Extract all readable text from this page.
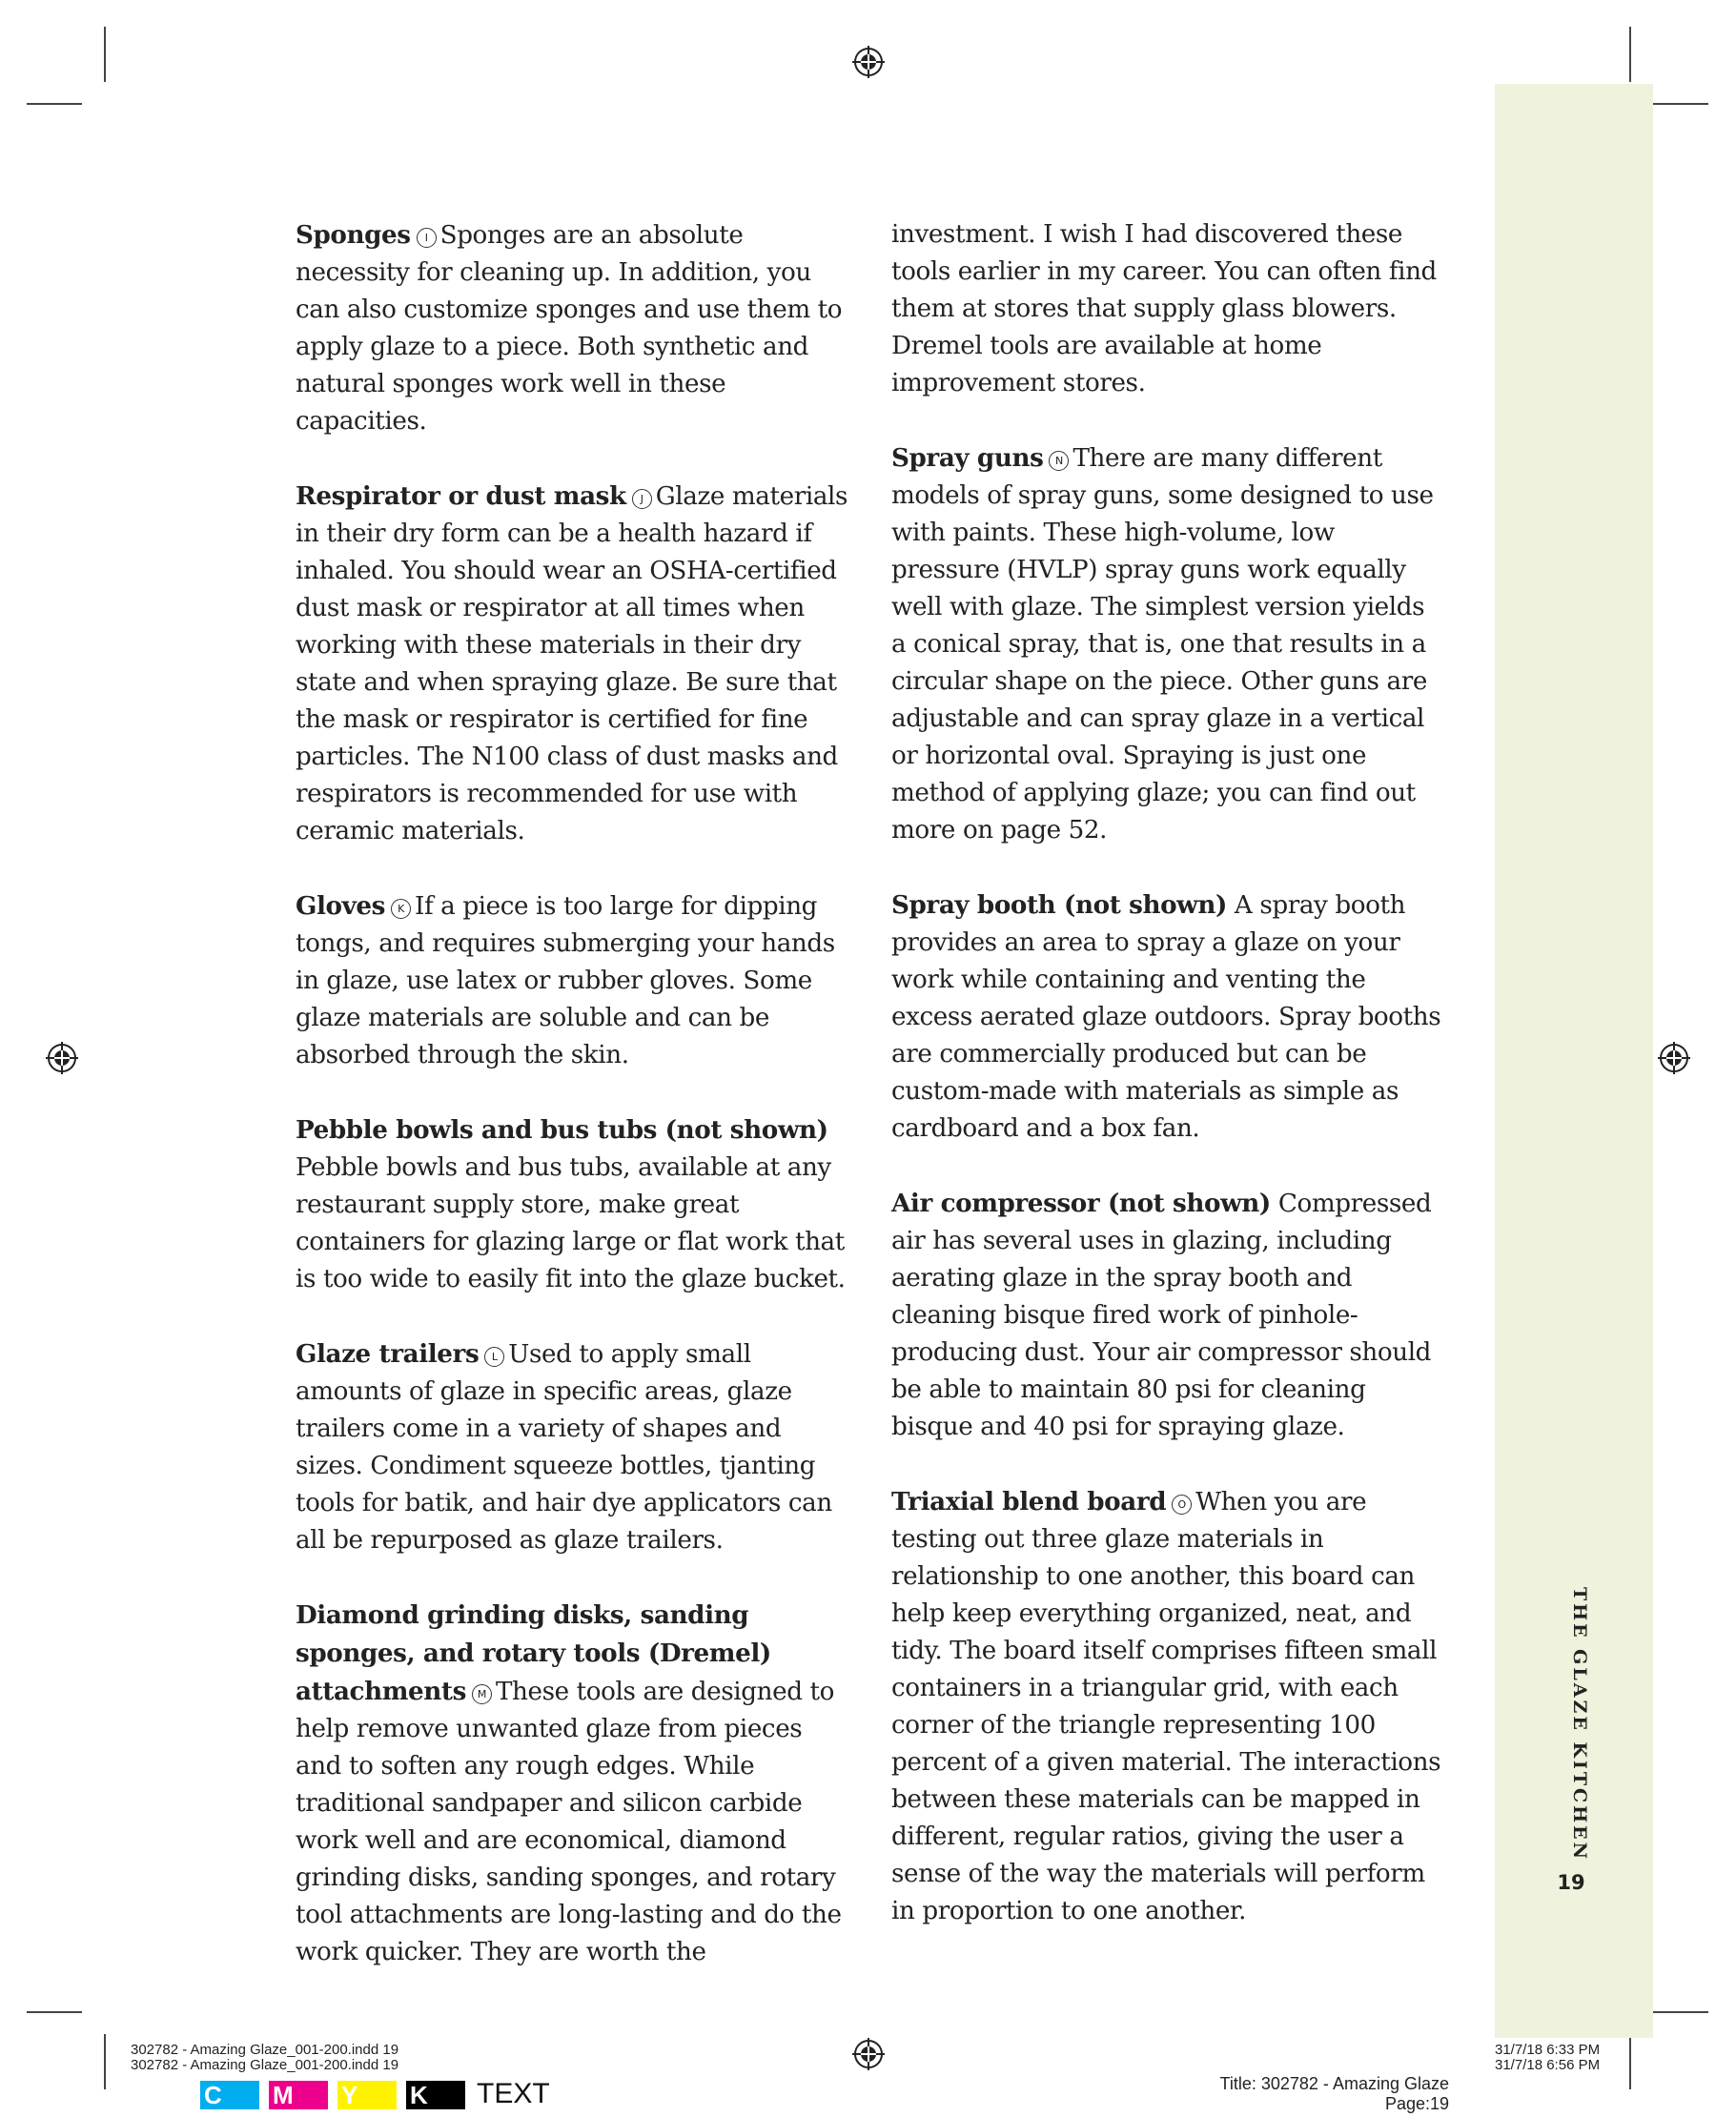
THE GLAZE KITCHEN
19

Sponges I Sponges are an absolute necessity for cleaning up. In addition, you can also customize sponges and use them to apply glaze to a piece. Both synthetic and natural sponges work well in these capacities.

Respirator or dust mask J Glaze materials in their dry form can be a health hazard if inhaled. You should wear an OSHA-certified dust mask or respirator at all times when working with these materials in their dry state and when spraying glaze. Be sure that the mask or respirator is certified for fine particles. The N100 class of dust masks and respirators is recommended for use with ceramic materials.

Gloves K If a piece is too large for dipping tongs, and requires submerging your hands in glaze, use latex or rubber gloves. Some glaze materials are soluble and can be absorbed through the skin.

Pebble bowls and bus tubs (not shown) Pebble bowls and bus tubs, available at any restaurant supply store, make great containers for glazing large or flat work that is too wide to easily fit into the glaze bucket.

Glaze trailers L Used to apply small amounts of glaze in specific areas, glaze trailers come in a variety of shapes and sizes. Condiment squeeze bottles, tjanting tools for batik, and hair dye applicators can all be repurposed as glaze trailers.

Diamond grinding disks, sanding sponges, and rotary tools (Dremel) attachments M These tools are designed to help remove unwanted glaze from pieces and to soften any rough edges. While traditional sandpaper and silicon carbide work well and are economical, diamond grinding disks, sanding sponges, and rotary tool attachments are long-lasting and do the work quicker. They are worth the

investment. I wish I had discovered these tools earlier in my career. You can often find them at stores that supply glass blowers. Dremel tools are available at home improvement stores.

Spray guns N There are many different models of spray guns, some designed to use with paints. These high-volume, low pressure (HVLP) spray guns work equally well with glaze. The simplest version yields a conical spray, that is, one that results in a circular shape on the piece. Other guns are adjustable and can spray glaze in a vertical or horizontal oval. Spraying is just one method of applying glaze; you can find out more on page 52.

Spray booth (not shown) A spray booth provides an area to spray a glaze on your work while containing and venting the excess aerated glaze outdoors. Spray booths are commercially produced but can be custom-made with materials as simple as cardboard and a box fan.

Air compressor (not shown) Compressed air has several uses in glazing, including aerating glaze in the spray booth and cleaning bisque fired work of pinhole-producing dust. Your air compressor should be able to maintain 80 psi for cleaning bisque and 40 psi for spraying glaze.

Triaxial blend board O When you are testing out three glaze materials in relationship to one another, this board can help keep everything organized, neat, and tidy. The board itself comprises fifteen small containers in a triangular grid, with each corner of the triangle representing 100 percent of a given material. The interactions between these materials can be mapped in different, regular ratios, giving the user a sense of the way the materials will perform in proportion to one another.

302782 - Amazing Glaze_001-200.indd 19
302782 - Amazing Glaze_001-200.indd 19
31/7/18 6:33 PM
31/7/18 6:56 PM
Title: 302782 - Amazing Glaze
Page:19
C	M	Y	K	TEXT
